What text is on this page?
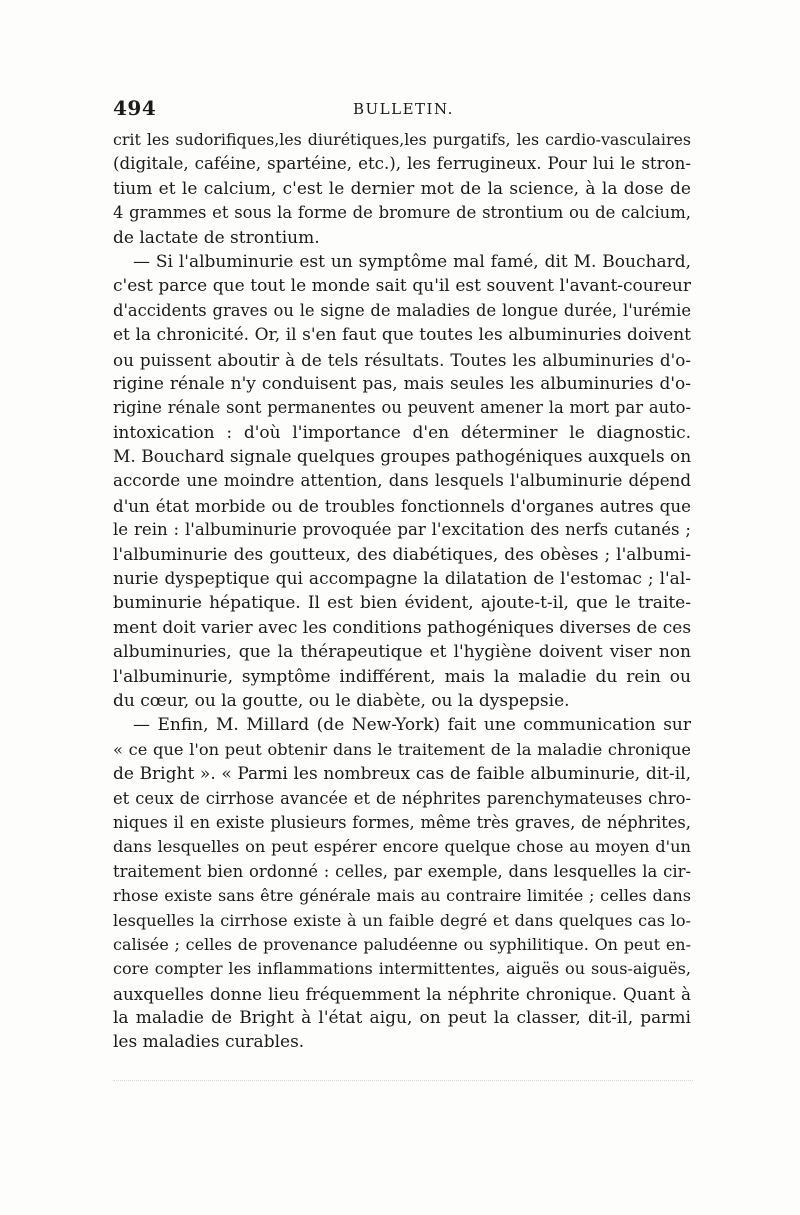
494	BULLETIN.
crit les sudorifiques,les diurétiques,les purgatifs, les cardio-vasculaires
(digitale, caféine, spartéine, etc.), les ferrugineux. Pour lui le stron-
tium et le calcium, c'est le dernier mot de la science, à la dose de
4 grammes et sous la forme de bromure de strontium ou de calcium,
de lactate de strontium.
— Si l'albuminurie est un symptôme mal famé, dit M. Bouchard,
c'est parce que tout le monde sait qu'il est souvent l'avant-coureur
d'accidents graves ou le signe de maladies de longue durée, l'urémie
et la chronicité. Or, il s'en faut que toutes les albuminuries doivent
ou puissent aboutir à de tels résultats. Toutes les albuminuries d'o-
rigine rénale n'y conduisent pas, mais seules les albuminuries d'o-
rigine rénale sont permanentes ou peuvent amener la mort par auto-
intoxication : d'où l'importance d'en déterminer le diagnostic.
M. Bouchard signale quelques groupes pathogéniques auxquels on
accorde une moindre attention, dans lesquels l'albuminurie dépend
d'un état morbide ou de troubles fonctionnels d'organes autres que
le rein : l'albuminurie provoquée par l'excitation des nerfs cutanés ;
l'albuminurie des goutteux, des diabétiques, des obèses ; l'albumi-
nurie dyspeptique qui accompagne la dilatation de l'estomac ; l'al-
buminurie hépatique. Il est bien évident, ajoute-t-il, que le traite-
ment doit varier avec les conditions pathogéniques diverses de ces
albuminuries, que la thérapeutique et l'hygiène doivent viser non
l'albuminurie, symptôme indifférent, mais la maladie du rein ou
du cœur, ou la goutte, ou le diabète, ou la dyspepsie.
— Enfin, M. Millard (de New-York) fait une communication sur
« ce que l'on peut obtenir dans le traitement de la maladie chronique
de Bright ». « Parmi les nombreux cas de faible albuminurie, dit-il,
et ceux de cirrhose avancée et de néphrites parenchymateuses chro-
niques il en existe plusieurs formes, même très graves, de néphrites,
dans lesquelles on peut espérer encore quelque chose au moyen d'un
traitement bien ordonné : celles, par exemple, dans lesquelles la cir-
rhose existe sans être générale mais au contraire limitée ; celles dans
lesquelles la cirrhose existe à un faible degré et dans quelques cas lo-
calisée ; celles de provenance paludéenne ou syphilitique. On peut en-
core compter les inflammations intermittentes, aiguës ou sous-aiguës,
auxquelles donne lieu fréquemment la néphrite chronique. Quant à
la maladie de Bright à l'état aigu, on peut la classer, dit-il, parmi
les maladies curables.
